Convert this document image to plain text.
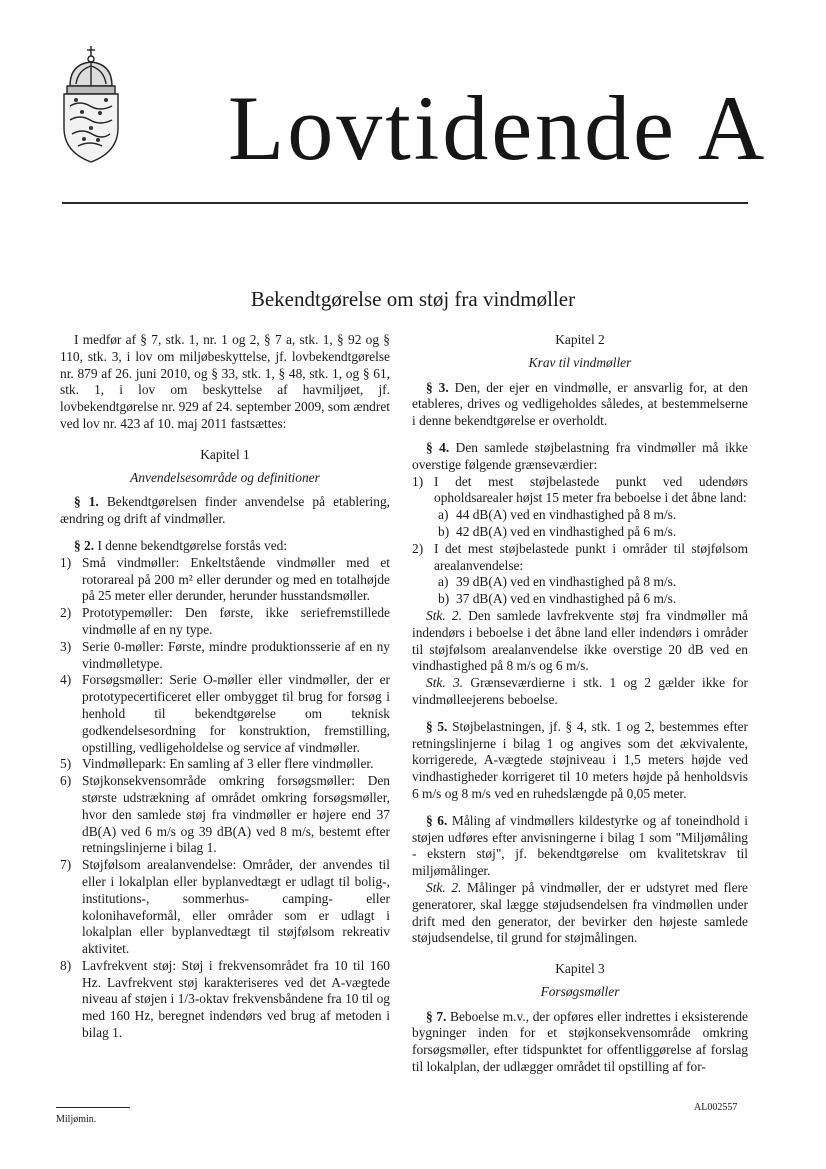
Lovtidende A
Bekendtgørelse om støj fra vindmøller

I medfør af § 7, stk. 1, nr. 1 og 2, § 7 a, stk. 1, § 92 og § 110, stk. 3, i lov om miljøbeskyttelse, jf. lovbekendtgørelse nr. 879 af 26. juni 2010, og § 33, stk. 1, § 48, stk. 1, og § 61, stk. 1, i lov om beskyttelse af havmiljøet, jf. lovbekendtgørelse nr. 929 af 24. september 2009, som ændret ved lov nr. 423 af 10. maj 2011 fastsættes:

Kapitel 1
Anvendelsesområde og definitioner

§ 1. Bekendtgørelsen finder anvendelse på etablering, ændring og drift af vindmøller.

§ 2. I denne bekendtgørelse forstås ved:

1) Små vindmøller: Enkeltstående vindmøller med et rotorareal på 200 m² eller derunder og med en totalhøjde på 25 meter eller derunder, herunder husstandsmøller.
2) Prototypemøller: Den første, ikke seriefremstillede vindmølle af en ny type.
3) Serie 0-møller: Første, mindre produktionsserie af en ny vindmølletype.
4) Forsøgsmøller: Serie O-møller eller vindmøller, der er prototypecertificeret eller ombygget til brug for forsøg i henhold til bekendtgørelse om teknisk godkendelsesordning for konstruktion, fremstilling, opstilling, vedligeholdelse og service af vindmøller.
5) Vindmøllepark: En samling af 3 eller flere vindmøller.
6) Støjkonsekvensområde omkring forsøgsmøller: Den største udstrækning af området omkring forsøgsmøller, hvor den samlede støj fra vindmøller er højere end 37 dB(A) ved 6 m/s og 39 dB(A) ved 8 m/s, bestemt efter retningslinjerne i bilag 1.
7) Støjfølsom arealanvendelse: Områder, der anvendes til eller i lokalplan eller byplanvedtægt er udlagt til bolig-, institutions-, sommerhus- camping- eller kolonihaveformål, eller områder som er udlagt i lokalplan eller byplanvedtægt til støjfølsom rekreativ aktivitet.
8) Lavfrekvent støj: Støj i frekvensområdet fra 10 til 160 Hz. Lavfrekvent støj karakteriseres ved det A-vægtede niveau af støjen i 1/3-oktav frekvensbåndene fra 10 til og med 160 Hz, beregnet indendørs ved brug af metoden i bilag 1.
Kapitel 2
Krav til vindmøller

§ 3. Den, der ejer en vindmølle, er ansvarlig for, at den etableres, drives og vedligeholdes således, at bestemmelserne i denne bekendtgørelse er overholdt.

§ 4. Den samlede støjbelastning fra vindmøller må ikke overstige følgende grænseværdier:

1) I det mest støjbelastede punkt ved udendørs opholdsarealer højst 15 meter fra beboelse i det åbne land:
a) 44 dB(A) ved en vindhastighed på 8 m/s.
b) 42 dB(A) ved en vindhastighed på 6 m/s.
2) I det mest støjbelastede punkt i områder til støjfølsom arealanvendelse:
a) 39 dB(A) ved en vindhastighed på 8 m/s.
b) 37 dB(A) ved en vindhastighed på 6 m/s.

Stk. 2. Den samlede lavfrekvente støj fra vindmøller må indendørs i beboelse i det åbne land eller indendørs i områder til støjfølsom arealanvendelse ikke overstige 20 dB ved en vindhastighed på 8 m/s og 6 m/s.

Stk. 3. Grænseværdierne i stk. 1 og 2 gælder ikke for vindmølleejerens beboelse.

§ 5. Støjbelastningen, jf. § 4, stk. 1 og 2, bestemmes efter retningslinjerne i bilag 1 og angives som det ækvivalente, korrigerede, A-vægtede støjniveau i 1,5 meters højde ved vindhastigheder korrigeret til 10 meters højde på henholdsvis 6 m/s og 8 m/s ved en ruhedslængde på 0,05 meter.

§ 6. Måling af vindmøllers kildestyrke og af toneindhold i støjen udføres efter anvisningerne i bilag 1 som "Miljømåling - ekstern støj", jf. bekendtgørelse om kvalitetskrav til miljømålinger.

Stk. 2. Målinger på vindmøller, der er udstyret med flere generatorer, skal lægge støjudsendelsen fra vindmøllen under drift med den generator, der bevirker den højeste samlede støjudsendelse, til grund for støjmålingen.

Kapitel 3
Forsøgsmøller

§ 7. Beboelse m.v., der opføres eller indrettes i eksisterende bygninger inden for et støjkonsekvensområde omkring forsøgsmøller, efter tidspunktet for offentliggørelse af forslag til lokalplan, der udlægger området til opstilling af for-

Miljømin.
AL002557
